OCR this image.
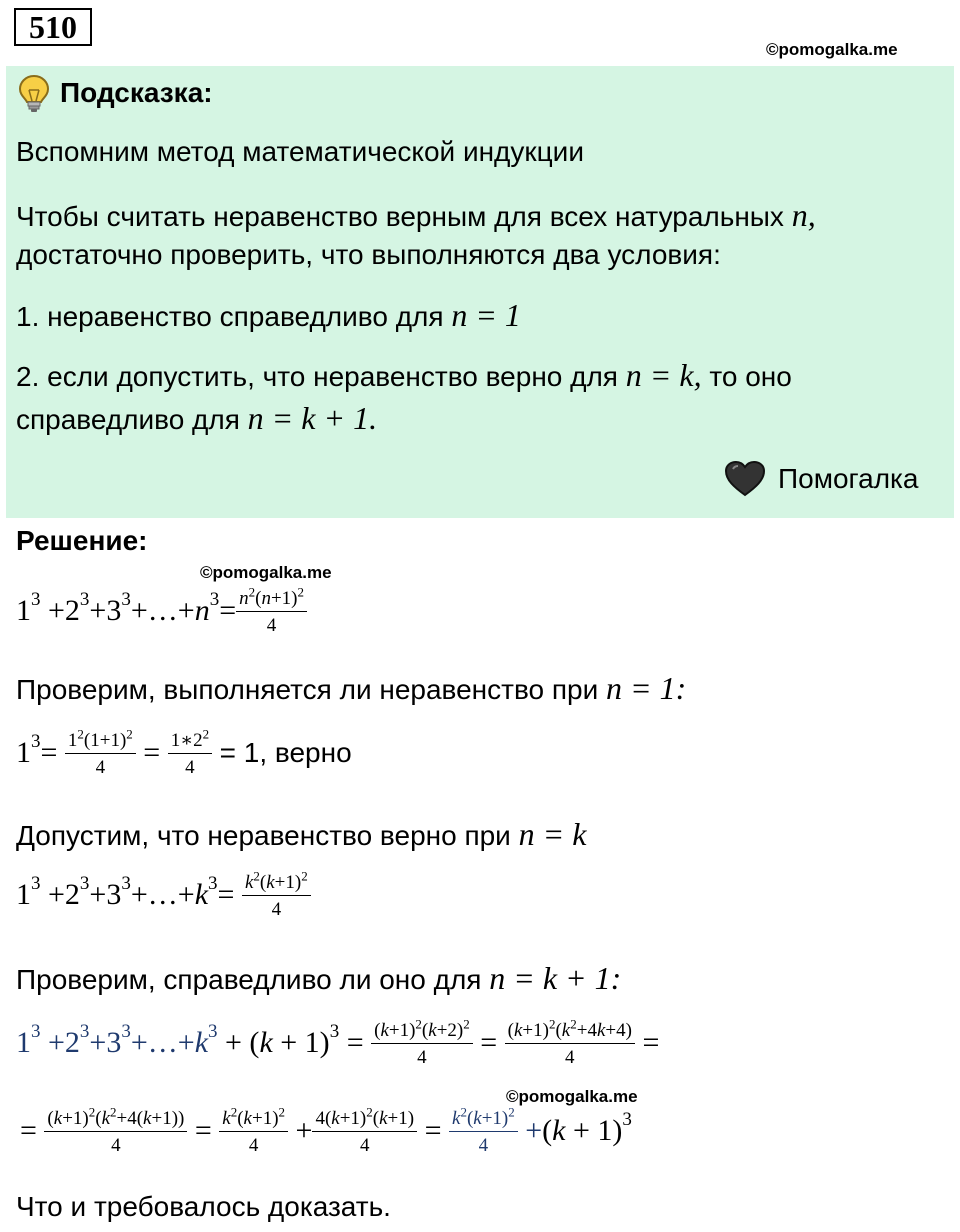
510
©pomogalka.me
Подсказка:
Вспомним метод математической индукции
Чтобы считать неравенство верным для всех натуральных n,
достаточно проверить, что выполняются два условия:
1. неравенство справедливо для n = 1
2. если допустить, что неравенство верно для n = k, то оно
справедливо для n = k + 1.
Помогалка
Решение:
©pomogalka.me
$1^3$ $+2^3+3^3+\dots+n^3= \frac{n^2(n+1)^2}{4}$
Проверим, выполняется ли неравенство при n = 1:
$1^3= \frac{1^2(1+1)^2}{4} = \frac{1∗2^2}{4} = 1$, верно
Допустим, что неравенство верно при n = k
$1^3$ $+2^3+3^3+\dots+k^3= \frac{k^2(k+1)^2}{4}$
Проверим, справедливо ли оно для n = k + 1:
$1^3$ $+2^3+3^3+\dots+k^3 + (k + 1)^3 = \frac{(k+1)^2(k+2)^2}{4} = \frac{(k+1)^2(k^2+4k+4)}{4}$ =
©pomogalka.me
= $\frac{(k+1)^2(k^2+4(k+1))}{4} = \frac{k^2(k+1)^2}{4} + \frac{4(k+1)^2(k+1)}{4} = \frac{k^2(k+1)^2}{4} +(k + 1)^3$
Что и требовалось доказать.
